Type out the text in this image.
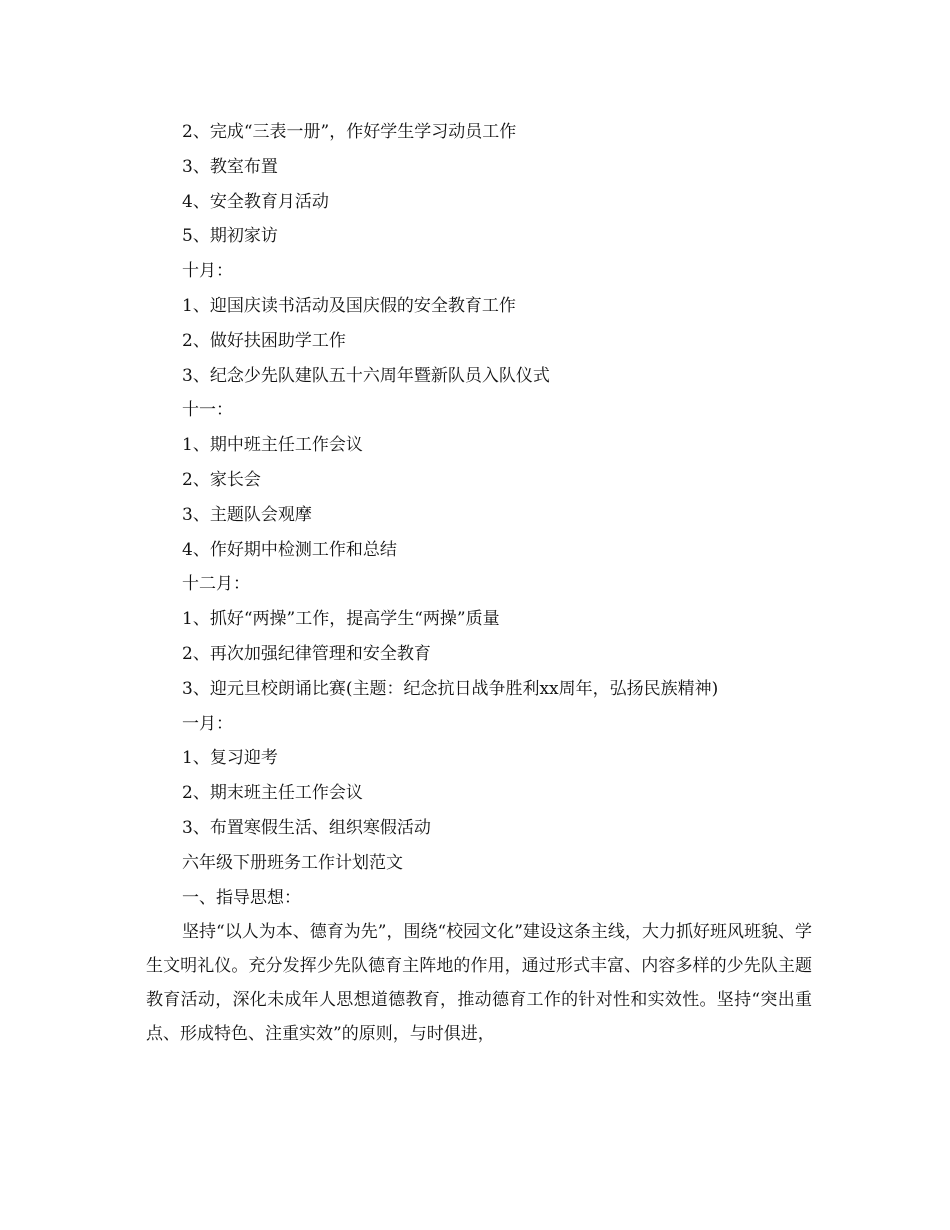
2、完成“三表一册”，作好学生学习动员工作

3、教室布置

4、安全教育月活动

5、期初家访

十月：

1、迎国庆读书活动及国庆假的安全教育工作

2、做好扶困助学工作

3、纪念少先队建队五十六周年暨新队员入队仪式

十一：

1、期中班主任工作会议

2、家长会

3、主题队会观摩

4、作好期中检测工作和总结

十二月：

1、抓好“两操”工作，提高学生“两操”质量

2、再次加强纪律管理和安全教育

3、迎元旦校朗诵比赛(主题：纪念抗日战争胜利xx周年，弘扬民族精神)

一月：

1、复习迎考

2、期末班主任工作会议

3、布置寒假生活、组织寒假活动

六年级下册班务工作计划范文

一、指导思想：

坚持“以人为本、德育为先”，围绕“校园文化”建设这条主线，大力抓好班风班貌、学生文明礼仪。充分发挥少先队德育主阵地的作用，通过形式丰富、内容多样的少先队主题教育活动，深化未成年人思想道德教育，推动德育工作的针对性和实效性。坚持“突出重点、形成特色、注重实效”的原则，与时俱进，
